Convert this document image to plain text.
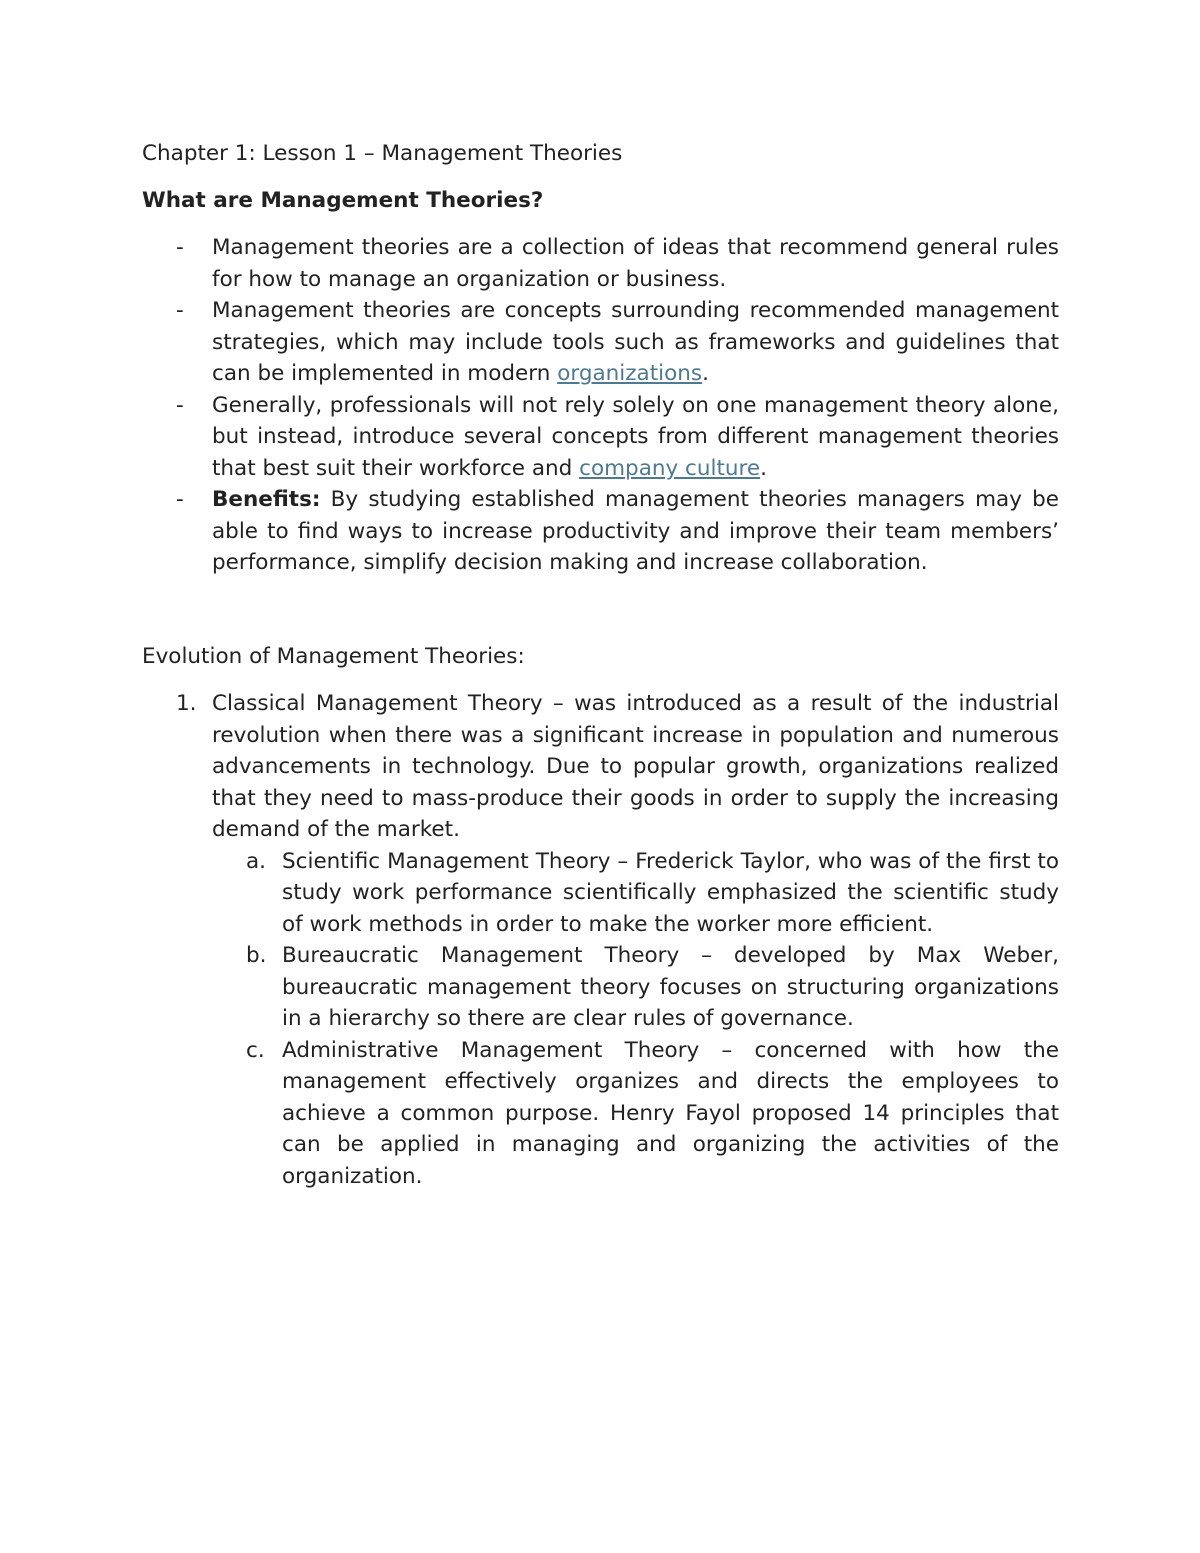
Chapter 1: Lesson 1 – Management Theories
What are Management Theories?
- Management theories are a collection of ideas that recommend general rules for how to manage an organization or business.
- Management theories are concepts surrounding recommended management strategies, which may include tools such as frameworks and guidelines that can be implemented in modern organizations.
- Generally, professionals will not rely solely on one management theory alone, but instead, introduce several concepts from different management theories that best suit their workforce and company culture.
- Benefits: By studying established management theories managers may be able to find ways to increase productivity and improve their team members’ performance, simplify decision making and increase collaboration.
Evolution of Management Theories:
1. Classical Management Theory – was introduced as a result of the industrial revolution when there was a significant increase in population and numerous advancements in technology. Due to popular growth, organizations realized that they need to mass-produce their goods in order to supply the increasing demand of the market.
a. Scientific Management Theory – Frederick Taylor, who was of the first to study work performance scientifically emphasized the scientific study of work methods in order to make the worker more efficient.
b. Bureaucratic Management Theory – developed by Max Weber, bureaucratic management theory focuses on structuring organizations in a hierarchy so there are clear rules of governance.
c. Administrative Management Theory – concerned with how the management effectively organizes and directs the employees to achieve a common purpose. Henry Fayol proposed 14 principles that can be applied in managing and organizing the activities of the organization.
